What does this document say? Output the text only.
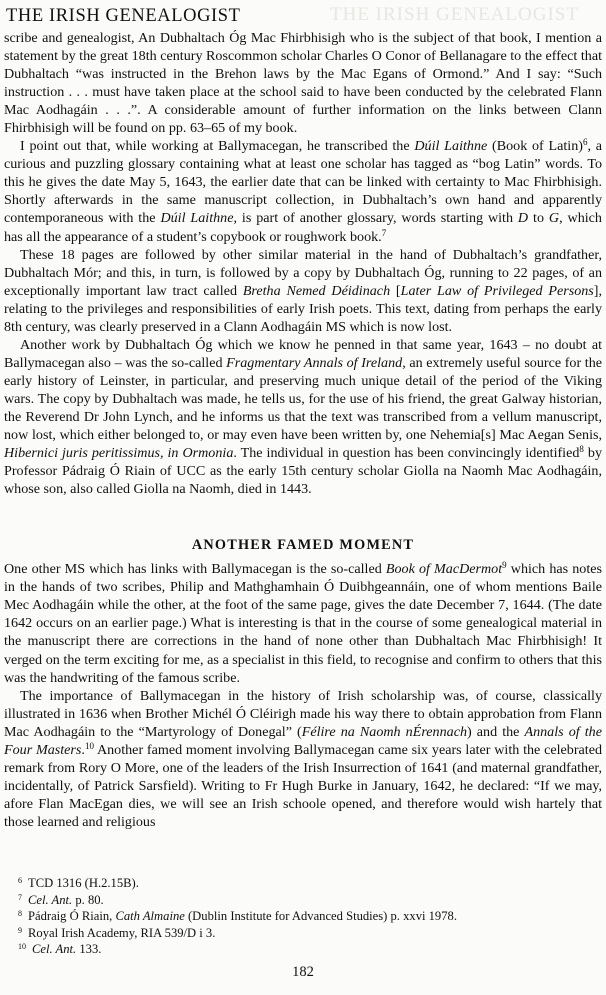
THE IRISH GENEALOGIST
THE IRISH GENEALOGIST

scribe and genealogist, An Dubhaltach Óg Mac Fhirbhisigh who is the subject of that book, I mention a statement by the great 18th century Roscommon scholar Charles O Conor of Bellanagare to the effect that Dubhaltach “was instructed in the Brehon laws by the Mac Egans of Ormond.” And I say: “Such instruction . . . must have taken place at the school said to have been conducted by the celebrated Flann Mac Aodhagáin . . .”. A considerable amount of further information on the links between Clann Fhirbhisigh will be found on pp. 63–65 of my book.

I point out that, while working at Ballymacegan, he transcribed the Dúil Laithne (Book of Latin)$^6$, a curious and puzzling glossary containing what at least one scholar has tagged as “bog Latin” words. To this he gives the date May 5, 1643, the earlier date that can be linked with certainty to Mac Fhirbhisigh. Shortly afterwards in the same manuscript collection, in Dubhaltach’s own hand and apparently contemporaneous with the Dúil Laithne, is part of another glossary, words starting with D to G, which has all the appearance of a student’s copybook or roughwork book.$^7$

These 18 pages are followed by other similar material in the hand of Dubhaltach’s grandfather, Dubhaltach Mór; and this, in turn, is followed by a copy by Dubhaltach Óg, running to 22 pages, of an exceptionally important law tract called Bretha Nemed Déidinach [Later Law of Privileged Persons], relating to the privileges and responsibilities of early Irish poets. This text, dating from perhaps the early 8th century, was clearly preserved in a Clann Aodhagáin MS which is now lost.

Another work by Dubhaltach Óg which we know he penned in that same year, 1643 – no doubt at Ballymacegan also – was the so-called Fragmentary Annals of Ireland, an extremely useful source for the early history of Leinster, in particular, and preserving much unique detail of the period of the Viking wars. The copy by Dubhaltach was made, he tells us, for the use of his friend, the great Galway historian, the Reverend Dr John Lynch, and he informs us that the text was transcribed from a vellum manuscript, now lost, which either belonged to, or may even have been written by, one Nehemia[s] Mac Aegan Senis, Hibernici juris peritissimus, in Ormonia. The individual in question has been convincingly identified$^8$ by Professor Pádraig Ó Riain of UCC as the early 15th century scholar Giolla na Naomh Mac Aodhagáin, whose son, also called Giolla na Naomh, died in 1443.

ANOTHER FAMED MOMENT

One other MS which has links with Ballymacegan is the so-called Book of MacDermot$^9$ which has notes in the hands of two scribes, Philip and Mathghamhain Ó Duibhgeannáin, one of whom mentions Baile Mec Aodhagáin while the other, at the foot of the same page, gives the date December 7, 1644. (The date 1642 occurs on an earlier page.) What is interesting is that in the course of some genealogical material in the manuscript there are corrections in the hand of none other than Dubhaltach Mac Fhirbhisigh! It verged on the term exciting for me, as a specialist in this field, to recognise and confirm to others that this was the handwriting of the famous scribe.

The importance of Ballymacegan in the history of Irish scholarship was, of course, classically illustrated in 1636 when Brother Michél Ó Cléirigh made his way there to obtain approbation from Flann Mac Aodhagáin to the “Martyrology of Donegal” (Félire na Naomh nÉrennach) and the Annals of the Four Masters.$^{10}$ Another famed moment involving Ballymacegan came six years later with the celebrated remark from Rory O More, one of the leaders of the Irish Insurrection of 1641 (and maternal grandfather, incidentally, of Patrick Sarsfield). Writing to Fr Hugh Burke in January, 1642, he declared: “If we may, afore Flan MacEgan dies, we will see an Irish schoole opened, and therefore would wish hartely that those learned and religious

$^6$ TCD 1316 (H.2.15B).
$^7$ Cel. Ant. p. 80.
$^8$ Pádraig Ó Riain, Cath Almaine (Dublin Institute for Advanced Studies) p. xxvi 1978.
$^9$ Royal Irish Academy, RIA 539/D i 3.
$^{10}$ Cel. Ant. 133.
182
